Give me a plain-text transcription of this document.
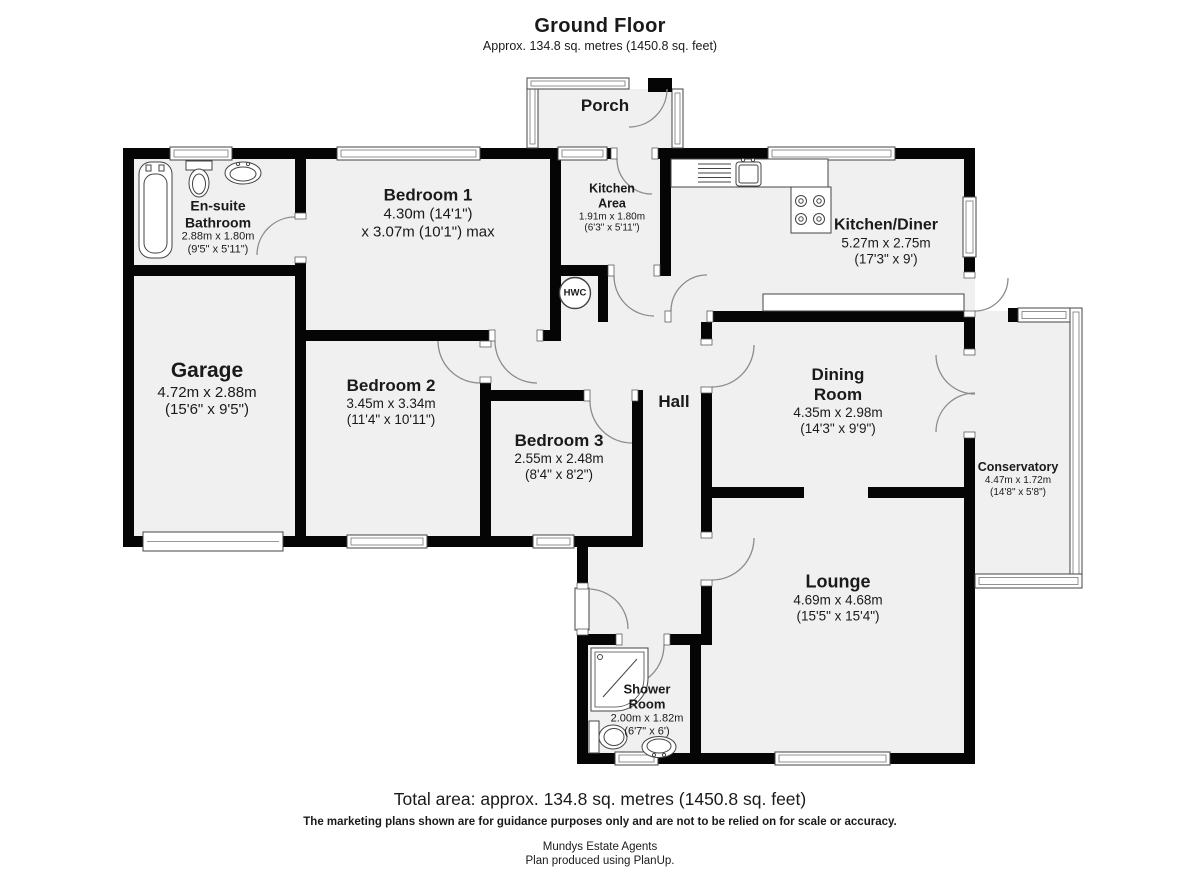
Ground Floor
Approx. 134.8 sq. metres (1450.8 sq. feet)
En-suite Bathroom
2.88m x 1.80m
(9'5" x 5'11")
Bedroom 1
4.30m (14'1")
x 3.07m (10'1") max
Kitchen Area
1.91m x 1.80m
(6'3" x 5'11")
Porch
Kitchen/Diner
5.27m x 2.75m
(17'3" x 9')
Garage
4.72m x 2.88m
(15'6" x 9'5")
Bedroom 2
3.45m x 3.34m
(11'4" x 10'11")
Bedroom 3
2.55m x 2.48m
(8'4" x 8'2")
Hall
Dining Room
4.35m x 2.98m
(14'3" x 9'9")
Conservatory
4.47m x 1.72m
(14'8" x 5'8")
Lounge
4.69m x 4.68m
(15'5" x 15'4")
Shower Room
2.00m x 1.82m
(6'7" x 6')
HWC
Total area: approx. 134.8 sq. metres (1450.8 sq. feet)
The marketing plans shown are for guidance purposes only and are not to be relied on for scale or accuracy.
Mundys Estate Agents
Plan produced using PlanUp.
